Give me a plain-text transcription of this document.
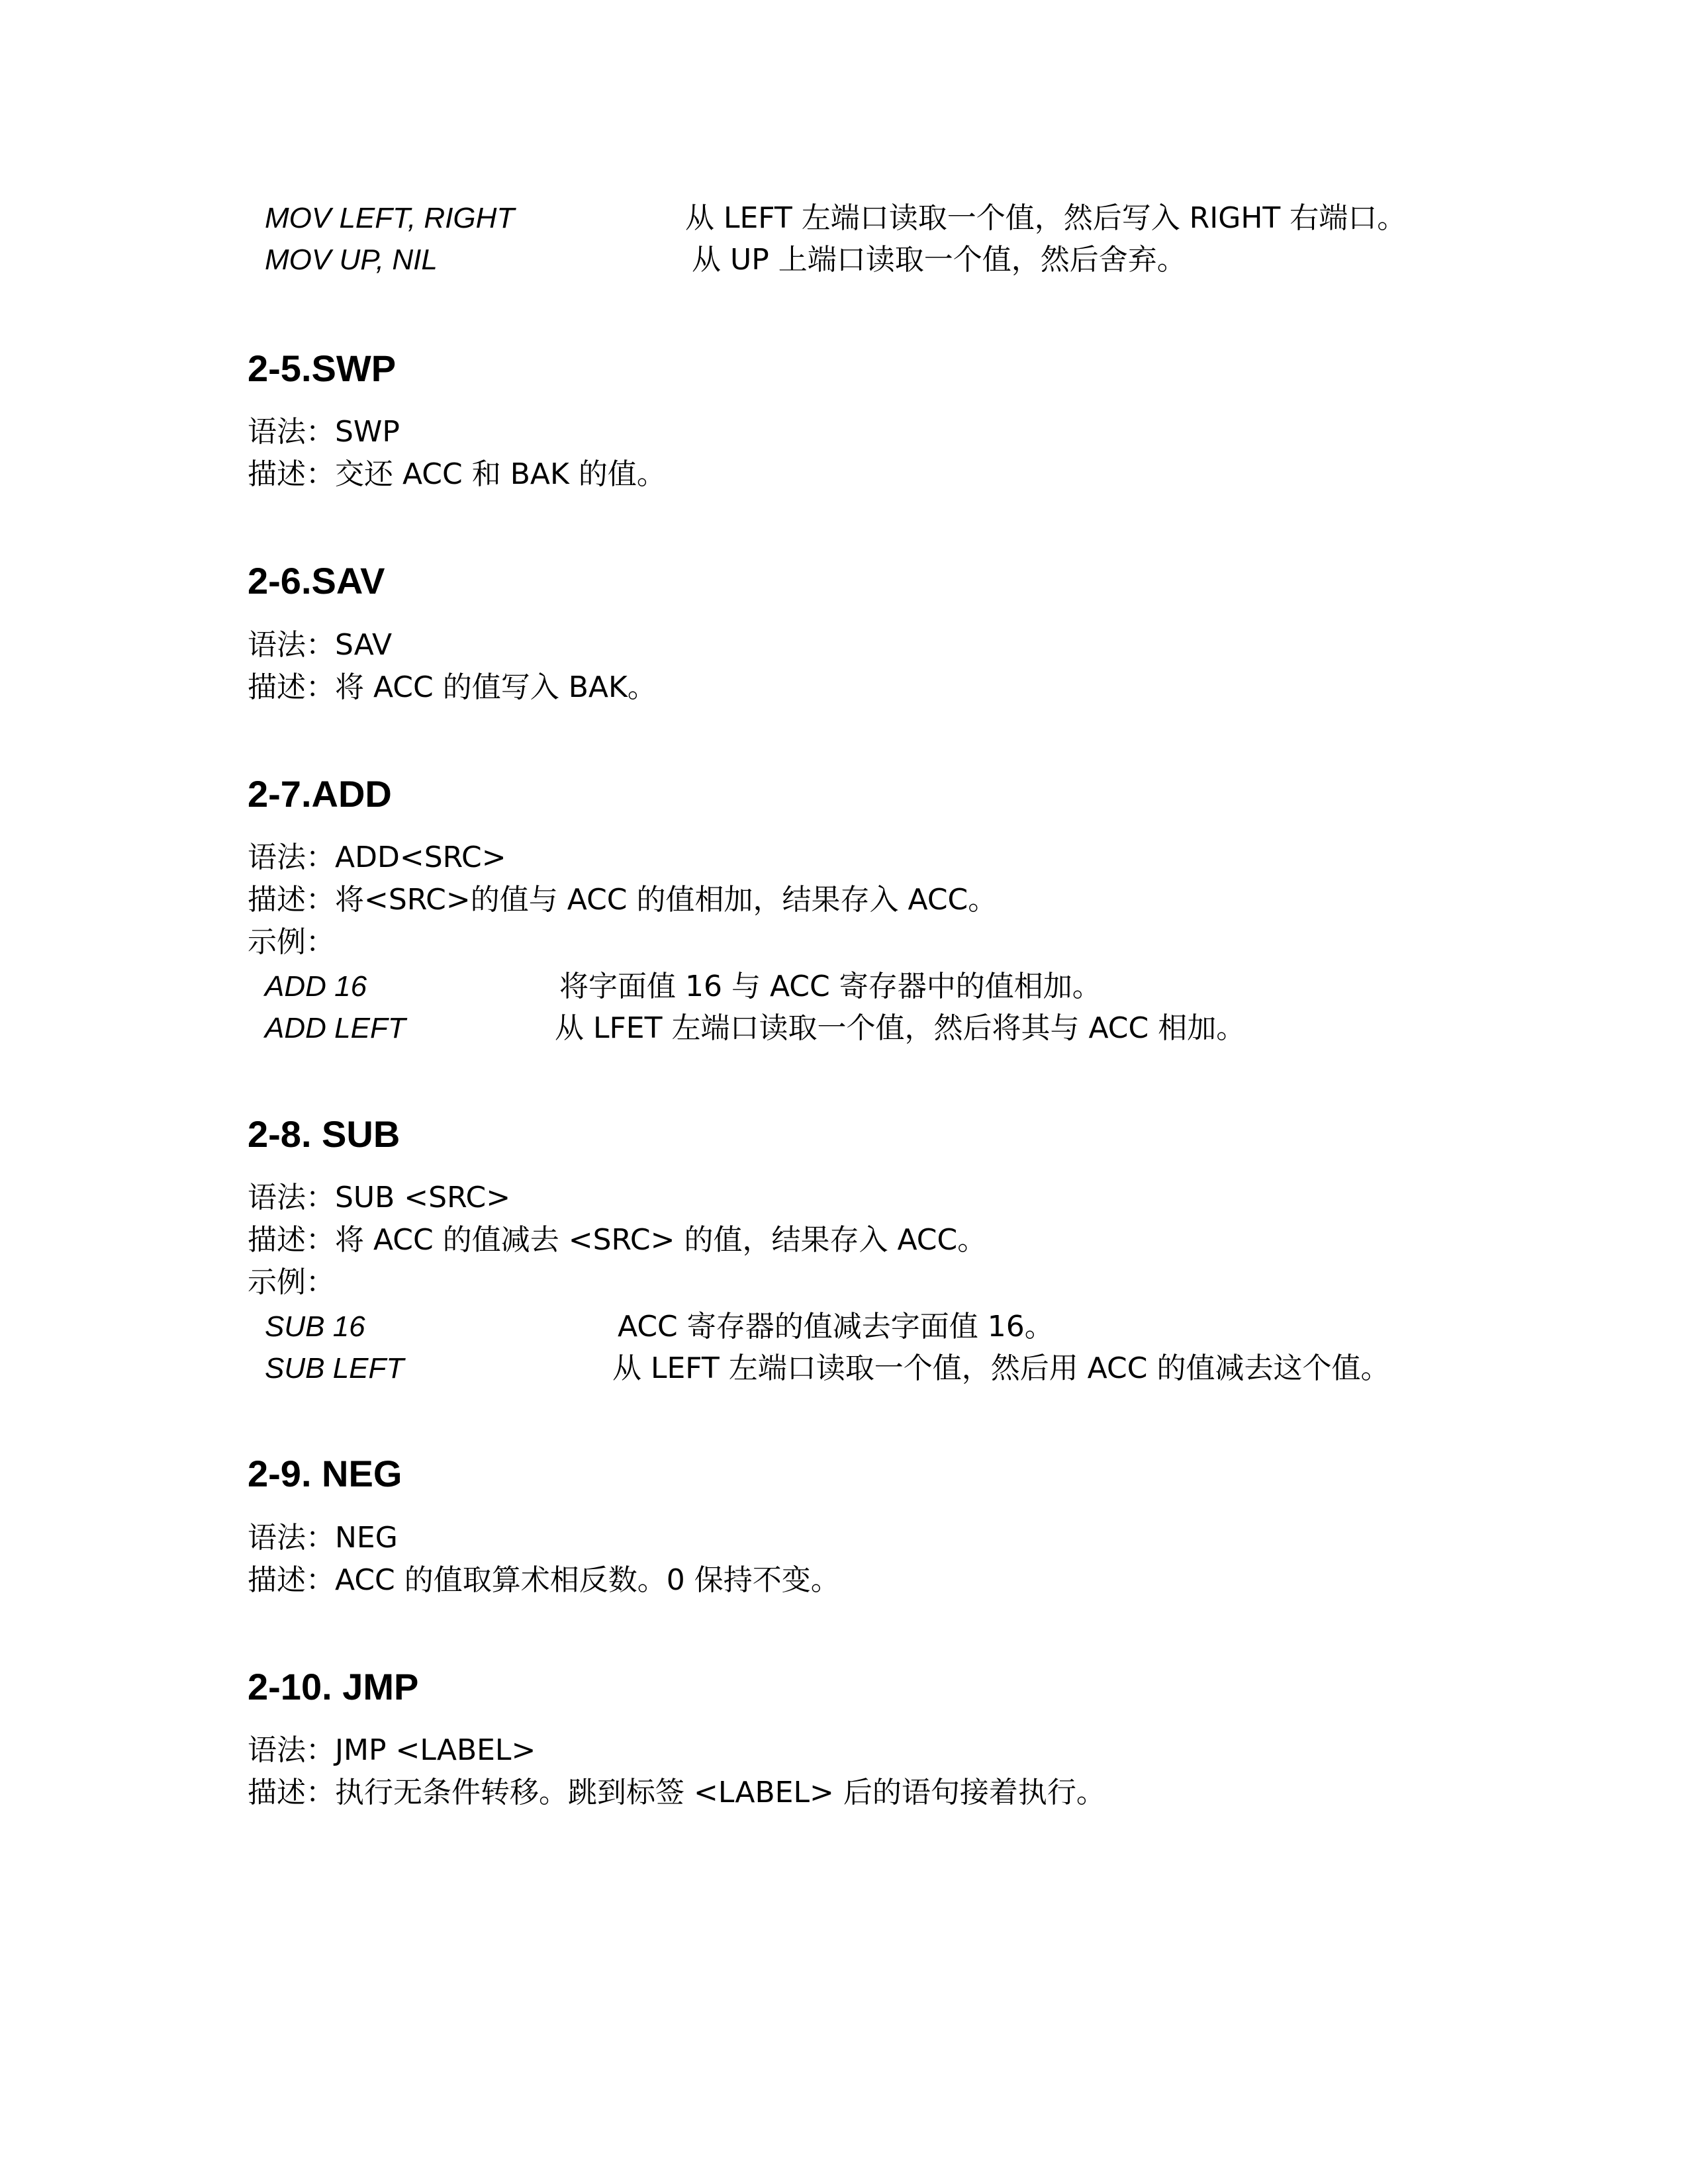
MOV LEFT, RIGHT	从 LEFT 左端口读取一个值，然后写入 RIGHT 右端口。
MOV UP, NIL	从 UP 上端口读取一个值，然后舍弃。
2-5.SWP
语法：SWP
描述：交还 ACC 和 BAK 的值。
2-6.SAV
语法：SAV
描述：将 ACC 的值写入 BAK。
2-7.ADD
语法：ADD<SRC>
描述：将<SRC>的值与 ACC 的值相加，结果存入 ACC。
示例：
ADD 16	将字面值 16 与 ACC 寄存器中的值相加。
ADD LEFT	从 LFET 左端口读取一个值，然后将其与 ACC 相加。
2-8. SUB
语法：SUB <SRC>
描述：将 ACC 的值减去 <SRC> 的值，结果存入 ACC。
示例：
SUB 16	ACC 寄存器的值减去字面值 16。
SUB LEFT	从 LEFT 左端口读取一个值，然后用 ACC 的值减去这个值。
2-9. NEG
语法：NEG
描述：ACC 的值取算术相反数。0 保持不变。
2-10. JMP
语法：JMP <LABEL>
描述：执行无条件转移。跳到标签 <LABEL> 后的语句接着执行。
